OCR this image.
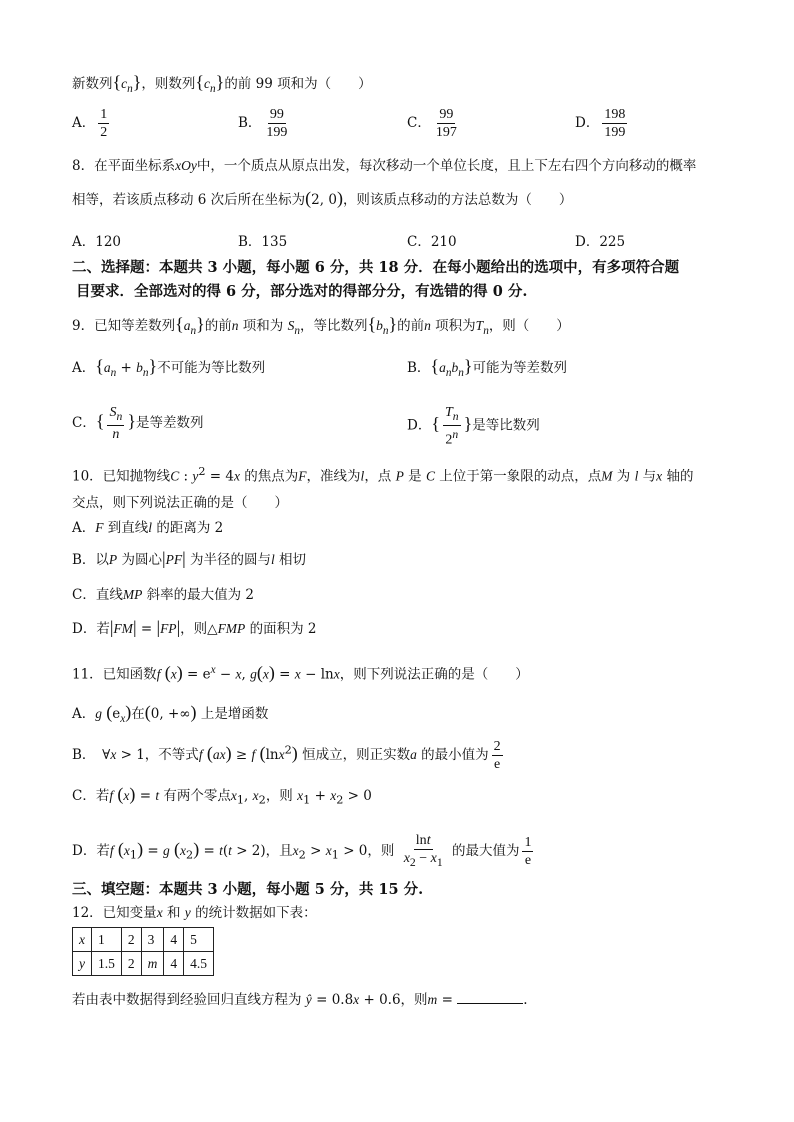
新数列$\{c_n\}$，则数列$\{c_n\}$的前 99 项和为（　　）
A． $\frac{1}{2}$	B． $\frac{99}{199}$	C． $\frac{99}{197}$	D． $\frac{198}{199}$
8．在平面坐标系xOy中，一个质点从原点出发，每次移动一个单位长度，且上下左右四个方向移动的概率
相等，若该质点移动 6 次后所在坐标为(2, 0)，则该质点移动的方法总数为（　　）
A．120	B．135	C．210	D．225
二、选择题：本题共 3 小题，每小题 6 分，共 18 分．在每小题给出的选项中，有多项符合题
目要求．全部选对的得 6 分，部分选对的得部分分，有选错的得 0 分.
9．已知等差数列$\{a_n\}$的前n 项和为 $S_n$，等比数列$\{b_n\}$的前n 项积为$T_n$，则（　　）
A．$\{a_n + b_n\}$不可能为等比数列	B．$\{a_nb_n\}$可能为等差数列
C．{ $\frac{S_n}{n}$ }是等差数列	D．{ $\frac{T_n}{2^n}$ }是等比数列
10．已知抛物线C : $y^2 = 4x$ 的焦点为F，准线为l，点 P 是 C 上位于第一象限的动点，点M 为 l 与x 轴的
交点，则下列说法正确的是（　　）
A．F 到直线l 的距离为 2
B．以P 为圆心|PF| 为半径的圆与l 相切
C．直线MP 斜率的最大值为 2
D．若|FM| = |FP|，则△FMP 的面积为 2
11．已知函数f $(x) = e^x - x$, g(x) = x − lnx，则下列说法正确的是（　　）
A．g $(e_x)$在(0, +∞) 上是增函数
B．　∀x > 1，不等式f (ax) ≥ f (lnx$^2$) 恒成立，则正实数a 的最小值为 $\frac{2}{e}$
C．若f (x) = t 有两个零点$x_1$, $x_2$，则 $x_1 + x_2 > 0$
D．若f $(x_1) = g$ $(x_2) = t(t > 2)$，且$x_2 > x_1 > 0$，则 $\frac{\ln t}{x_2 - x_1}$ 的最大值为 $\frac{1}{e}$
三、填空题：本题共 3 小题，每小题 5 分，共 15 分.
12．已知变量x 和 y 的统计数据如下表：
x	1	2	3	4	5
y	1.5	2	m	4	4.5
若由表中数据得到经验回归直线方程为 ŷ = 0.8x + 0.6，则m =	.
